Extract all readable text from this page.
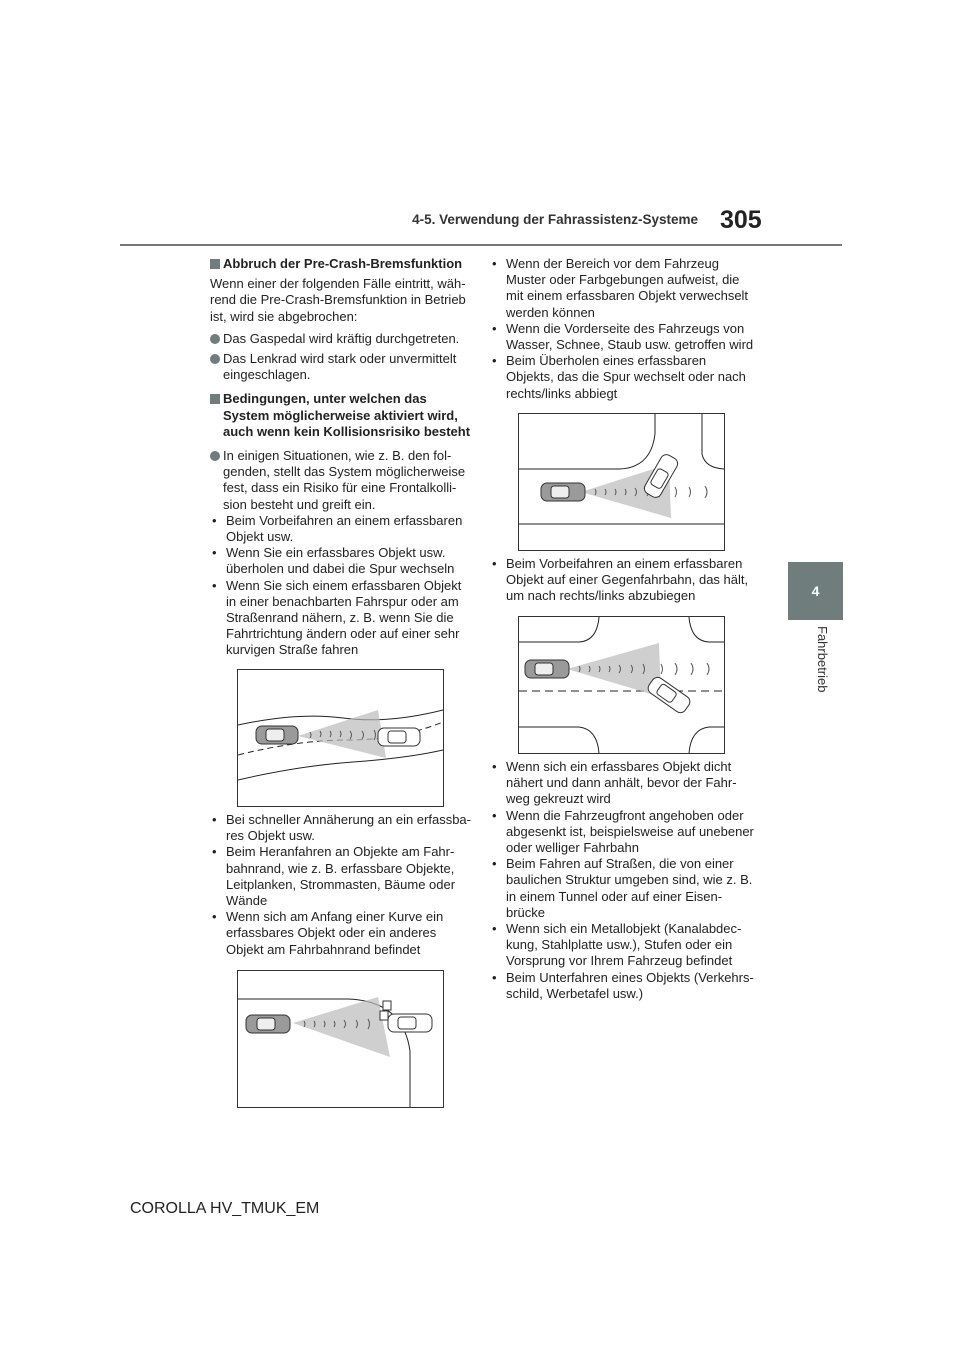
4-5. Verwendung der Fahrassistenz-Systeme 305
4
Fahrbetrieb

Abbruch der Pre-Crash-Bremsfunktion

Wenn einer der folgenden Fälle eintritt, wäh-rend die Pre-Crash-Bremsfunktion in Betrieb ist, wird sie abgebrochen:

Das Gaspedal wird kräftig durchgetreten.

Das Lenkrad wird stark oder unvermittelt eingeschlagen.

Bedingungen, unter welchen das System möglicherweise aktiviert wird, auch wenn kein Kollisionsrisiko besteht

In einigen Situationen, wie z. B. den fol-genden, stellt das System möglicherweise fest, dass ein Risiko für eine Frontalkolli-sion besteht und greift ein.

• Beim Vorbeifahren an einem erfassbaren Objekt usw.
• Wenn Sie ein erfassbares Objekt usw. überholen und dabei die Spur wechseln
• Wenn Sie sich einem erfassbaren Objekt in einer benachbarten Fahrspur oder am Straßenrand nähern, z. B. wenn Sie die Fahrtrichtung ändern oder auf einer sehr kurvigen Straße fahren
• Bei schneller Annäherung an ein erfassba-res Objekt usw.
• Beim Heranfahren an Objekte am Fahr-bahnrand, wie z. B. erfassbare Objekte, Leitplanken, Strommasten, Bäume oder Wände
• Wenn sich am Anfang einer Kurve ein erfassbares Objekt oder ein anderes Objekt am Fahrbahnrand befindet
• Wenn der Bereich vor dem Fahrzeug Muster oder Farbgebungen aufweist, die mit einem erfassbaren Objekt verwechselt werden können
• Wenn die Vorderseite des Fahrzeugs von Wasser, Schnee, Staub usw. getroffen wird
• Beim Überholen eines erfassbaren Objekts, das die Spur wechselt oder nach rechts/links abbiegt
• Beim Vorbeifahren an einem erfassbaren Objekt auf einer Gegenfahrbahn, das hält, um nach rechts/links abzubiegen
• Wenn sich ein erfassbares Objekt dicht nähert und dann anhält, bevor der Fahr-weg gekreuzt wird
• Wenn die Fahrzeugfront angehoben oder abgesenkt ist, beispielsweise auf unebener oder welliger Fahrbahn
• Beim Fahren auf Straßen, die von einer baulichen Struktur umgeben sind, wie z. B. in einem Tunnel oder auf einer Eisen-brücke
• Wenn sich ein Metallobjekt (Kanalabdec-kung, Stahlplatte usw.), Stufen oder ein Vorsprung vor Ihrem Fahrzeug befindet
• Beim Unterfahren eines Objekts (Verkehrs-schild, Werbetafel usw.)
COROLLA HV_TMUK_EM
